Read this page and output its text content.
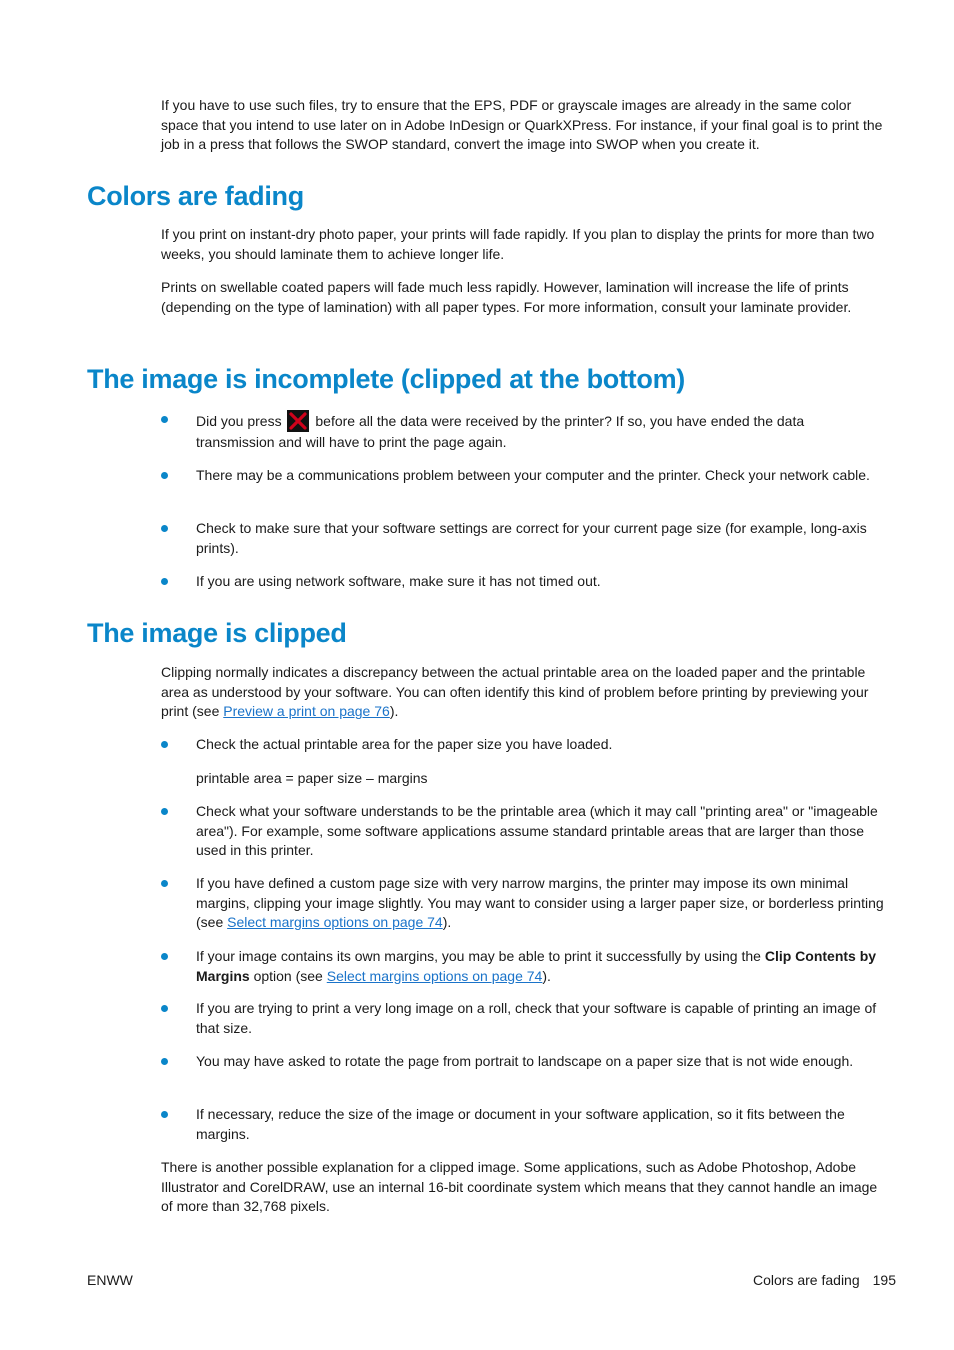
If you have to use such files, try to ensure that the EPS, PDF or grayscale images are already in the same color space that you intend to use later on in Adobe InDesign or QuarkXPress. For instance, if your final goal is to print the job in a press that follows the SWOP standard, convert the image into SWOP when you create it.

Colors are fading

If you print on instant-dry photo paper, your prints will fade rapidly. If you plan to display the prints for more than two weeks, you should laminate them to achieve longer life.

Prints on swellable coated papers will fade much less rapidly. However, lamination will increase the life of prints (depending on the type of lamination) with all paper types. For more information, consult your laminate provider.

The image is incomplete (clipped at the bottom)
Did you press  before all the data were received by the printer? If so, you have ended the data transmission and will have to print the page again.
There may be a communications problem between your computer and the printer. Check your network cable.
Check to make sure that your software settings are correct for your current page size (for example, long-axis prints).
If you are using network software, make sure it has not timed out.
The image is clipped

Clipping normally indicates a discrepancy between the actual printable area on the loaded paper and the printable area as understood by your software. You can often identify this kind of problem before printing by previewing your print (see Preview a print on page 76).

Check the actual printable area for the paper size you have loaded.
printable area = paper size – margins
Check what your software understands to be the printable area (which it may call "printing area" or "imageable area"). For example, some software applications assume standard printable areas that are larger than those used in this printer.
If you have defined a custom page size with very narrow margins, the printer may impose its own minimal margins, clipping your image slightly. You may want to consider using a larger paper size, or borderless printing (see Select margins options on page 74).
If your image contains its own margins, you may be able to print it successfully by using the Clip Contents by Margins option (see Select margins options on page 74).
If you are trying to print a very long image on a roll, check that your software is capable of printing an image of that size.
You may have asked to rotate the page from portrait to landscape on a paper size that is not wide enough.
If necessary, reduce the size of the image or document in your software application, so it fits between the margins.

There is another possible explanation for a clipped image. Some applications, such as Adobe Photoshop, Adobe Illustrator and CorelDRAW, use an internal 16-bit coordinate system which means that they cannot handle an image of more than 32,768 pixels.

ENWW	Colors are fading 195
